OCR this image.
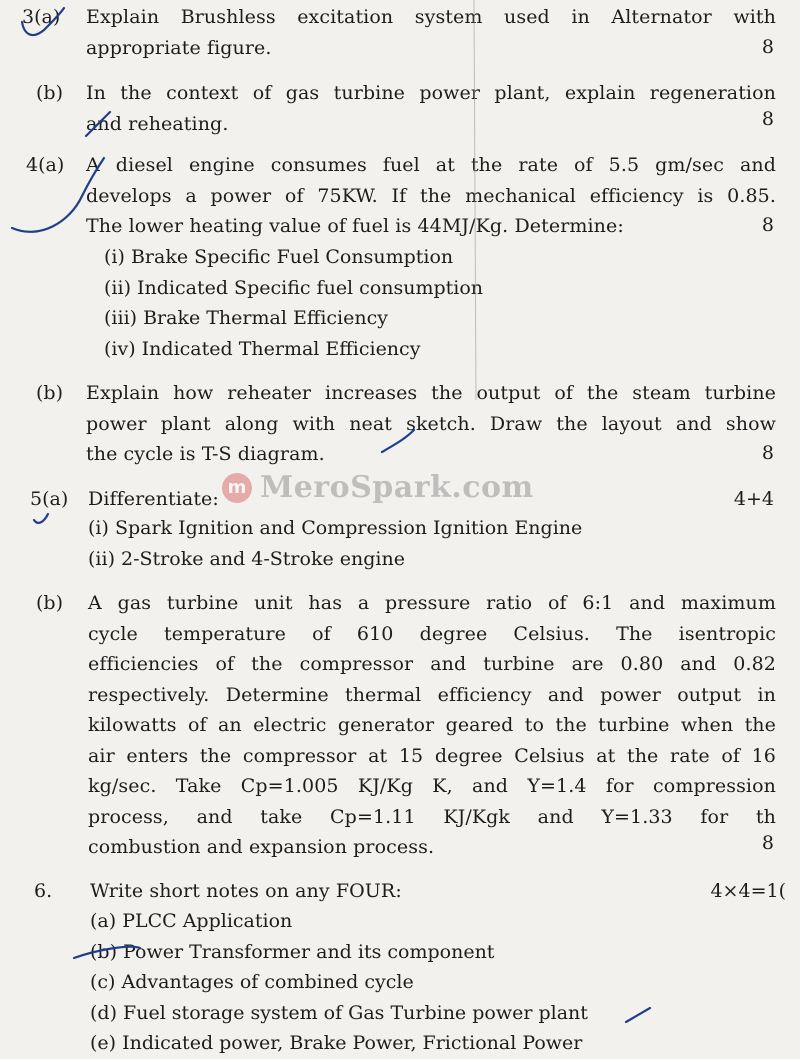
3(a) Explain Brushless excitation system used in Alternator with
appropriate figure.	8
(b) In the context of gas turbine power plant, explain regeneration
and reheating.	8
4(a) A diesel engine consumes fuel at the rate of 5.5 gm/sec and
develops a power of 75KW. If the mechanical efficiency is 0.85.
The lower heating value of fuel is 44MJ/Kg. Determine:	8
(i) Brake Specific Fuel Consumption
(ii) Indicated Specific fuel consumption
(iii) Brake Thermal Efficiency
(iv) Indicated Thermal Efficiency
(b) Explain how reheater increases the output of the steam turbine
power plant along with neat sketch. Draw the layout and show
the cycle is T-S diagram.	8
5(a) Differentiate:	4+4
(i) Spark Ignition and Compression Ignition Engine
(ii) 2-Stroke and 4-Stroke engine
(b) A gas turbine unit has a pressure ratio of 6:1 and maximum
cycle temperature of 610 degree Celsius. The isentropic
efficiencies of the compressor and turbine are 0.80 and 0.82
respectively. Determine thermal efficiency and power output in
kilowatts of an electric generator geared to the turbine when the
air enters the compressor at 15 degree Celsius at the rate of 16
kg/sec. Take Cp=1.005 KJ/Kg K, and Y=1.4 for compression
process, and take Cp=1.11 KJ/Kgk and Y=1.33 for th
combustion and expansion process.	8
6. Write short notes on any FOUR:	4×4=1(
(a) PLCC Application
(b) Power Transformer and its component
(c) Advantages of combined cycle
(d) Fuel storage system of Gas Turbine power plant
(e) Indicated power, Brake Power, Frictional Power
m MeroSpark.com
